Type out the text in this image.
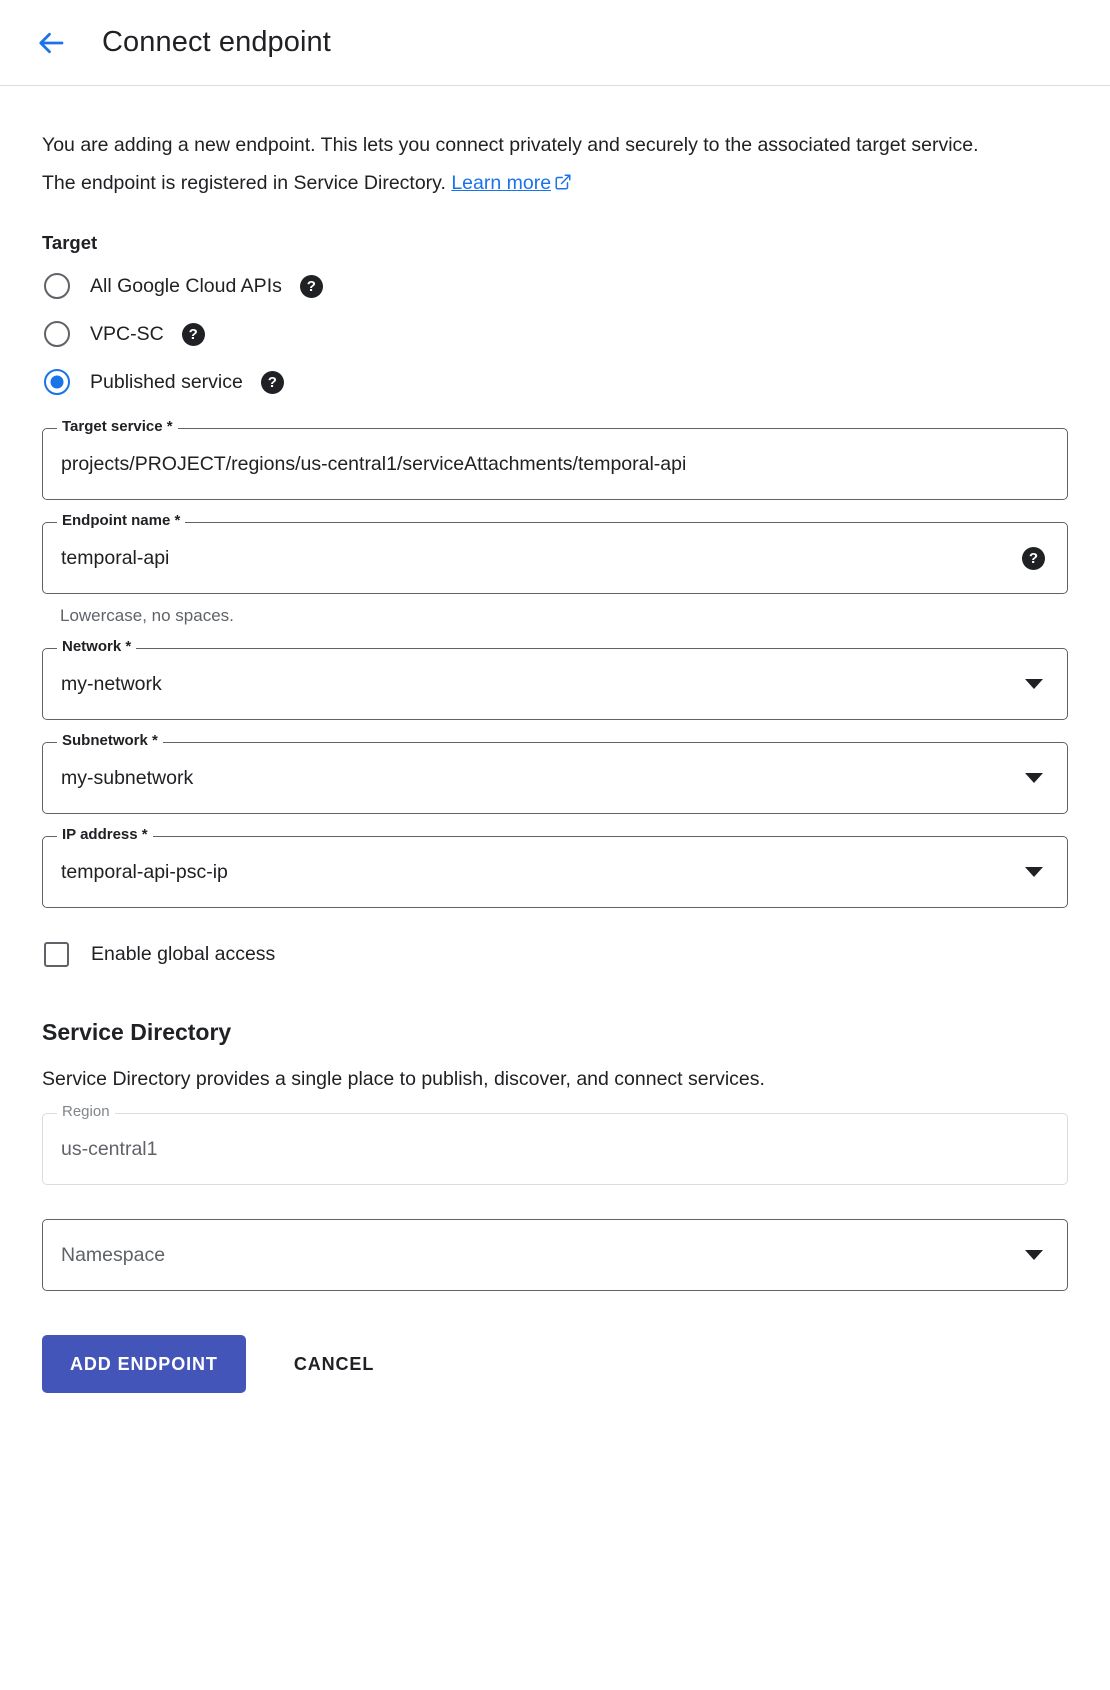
Connect endpoint

You are adding a new endpoint. This lets you connect privately and securely to the associated target service. The endpoint is registered in Service Directory. Learn more

Target
All Google Cloud APIs	?
VPC-SC	?
Published service	?
Target service *
projects/PROJECT/regions/us-central1/serviceAttachments/temporal-api
Endpoint name *
temporal-api	?
Lowercase, no spaces.
Network *
my-network
Subnetwork *
my-subnetwork
IP address *
temporal-api-psc-ip
Enable global access
Service Directory

Service Directory provides a single place to publish, discover, and connect services.

Region
us-central1
Namespace
ADD ENDPOINT	CANCEL
